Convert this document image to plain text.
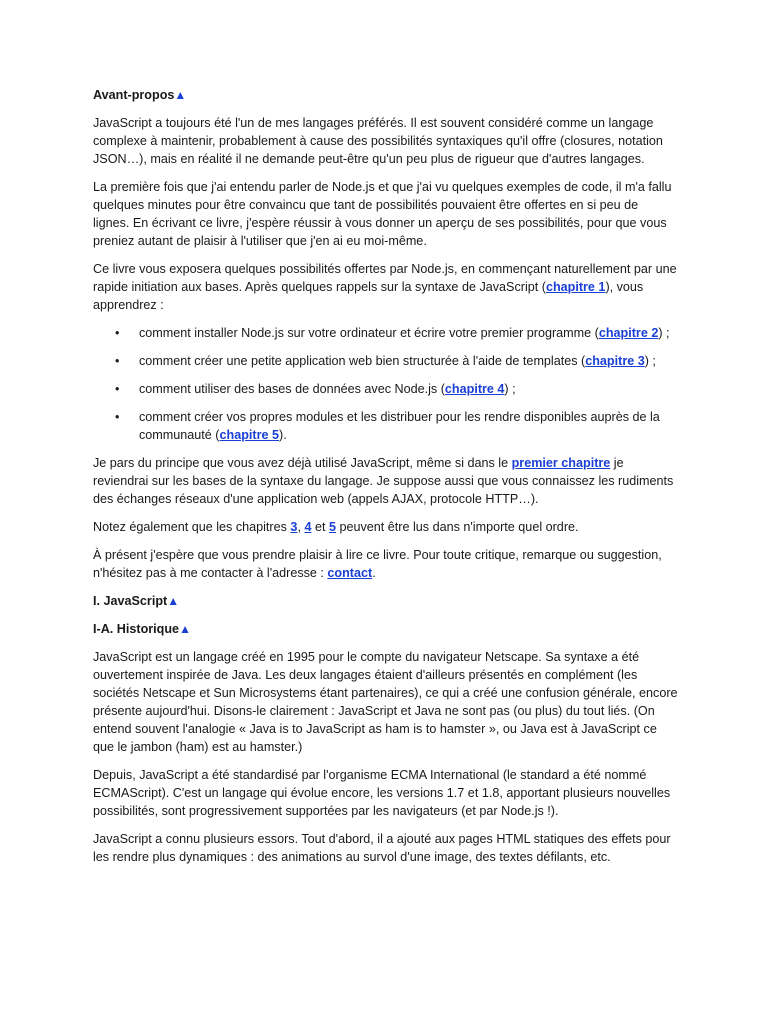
Avant-propos▲

JavaScript a toujours été l'un de mes langages préférés. Il est souvent considéré comme un langage complexe à maintenir, probablement à cause des possibilités syntaxiques qu'il offre (closures, notation JSON…), mais en réalité il ne demande peut-être qu'un peu plus de rigueur que d'autres langages.

La première fois que j'ai entendu parler de Node.js et que j'ai vu quelques exemples de code, il m'a fallu quelques minutes pour être convaincu que tant de possibilités pouvaient être offertes en si peu de lignes. En écrivant ce livre, j'espère réussir à vous donner un aperçu de ses possibilités, pour que vous preniez autant de plaisir à l'utiliser que j'en ai eu moi-même.

Ce livre vous exposera quelques possibilités offertes par Node.js, en commençant naturellement par une rapide initiation aux bases. Après quelques rappels sur la syntaxe de JavaScript (chapitre 1), vous apprendrez :

• comment installer Node.js sur votre ordinateur et écrire votre premier programme (chapitre 2) ;
• comment créer une petite application web bien structurée à l'aide de templates (chapitre 3) ;
• comment utiliser des bases de données avec Node.js (chapitre 4) ;
• comment créer vos propres modules et les distribuer pour les rendre disponibles auprès de la communauté (chapitre 5).

Je pars du principe que vous avez déjà utilisé JavaScript, même si dans le premier chapitre je reviendrai sur les bases de la syntaxe du langage. Je suppose aussi que vous connaissez les rudiments des échanges réseaux d'une application web (appels AJAX, protocole HTTP…).

Notez également que les chapitres 3, 4 et 5 peuvent être lus dans n'importe quel ordre.

À présent j'espère que vous prendre plaisir à lire ce livre. Pour toute critique, remarque ou suggestion, n'hésitez pas à me contacter à l'adresse : contact.

I. JavaScript▲
I-A. Historique▲

JavaScript est un langage créé en 1995 pour le compte du navigateur Netscape. Sa syntaxe a été ouvertement inspirée de Java. Les deux langages étaient d'ailleurs présentés en complément (les sociétés Netscape et Sun Microsystems étant partenaires), ce qui a créé une confusion générale, encore présente aujourd'hui. Disons-le clairement : JavaScript et Java ne sont pas (ou plus) du tout liés. (On entend souvent l'analogie « Java is to JavaScript as ham is to hamster », ou Java est à JavaScript ce que le jambon (ham) est au hamster.)

Depuis, JavaScript a été standardisé par l'organisme ECMA International (le standard a été nommé ECMAScript). C'est un langage qui évolue encore, les versions 1.7 et 1.8, apportant plusieurs nouvelles possibilités, sont progressivement supportées par les navigateurs (et par Node.js !).

JavaScript a connu plusieurs essors. Tout d'abord, il a ajouté aux pages HTML statiques des effets pour les rendre plus dynamiques : des animations au survol d'une image, des textes défilants, etc.
